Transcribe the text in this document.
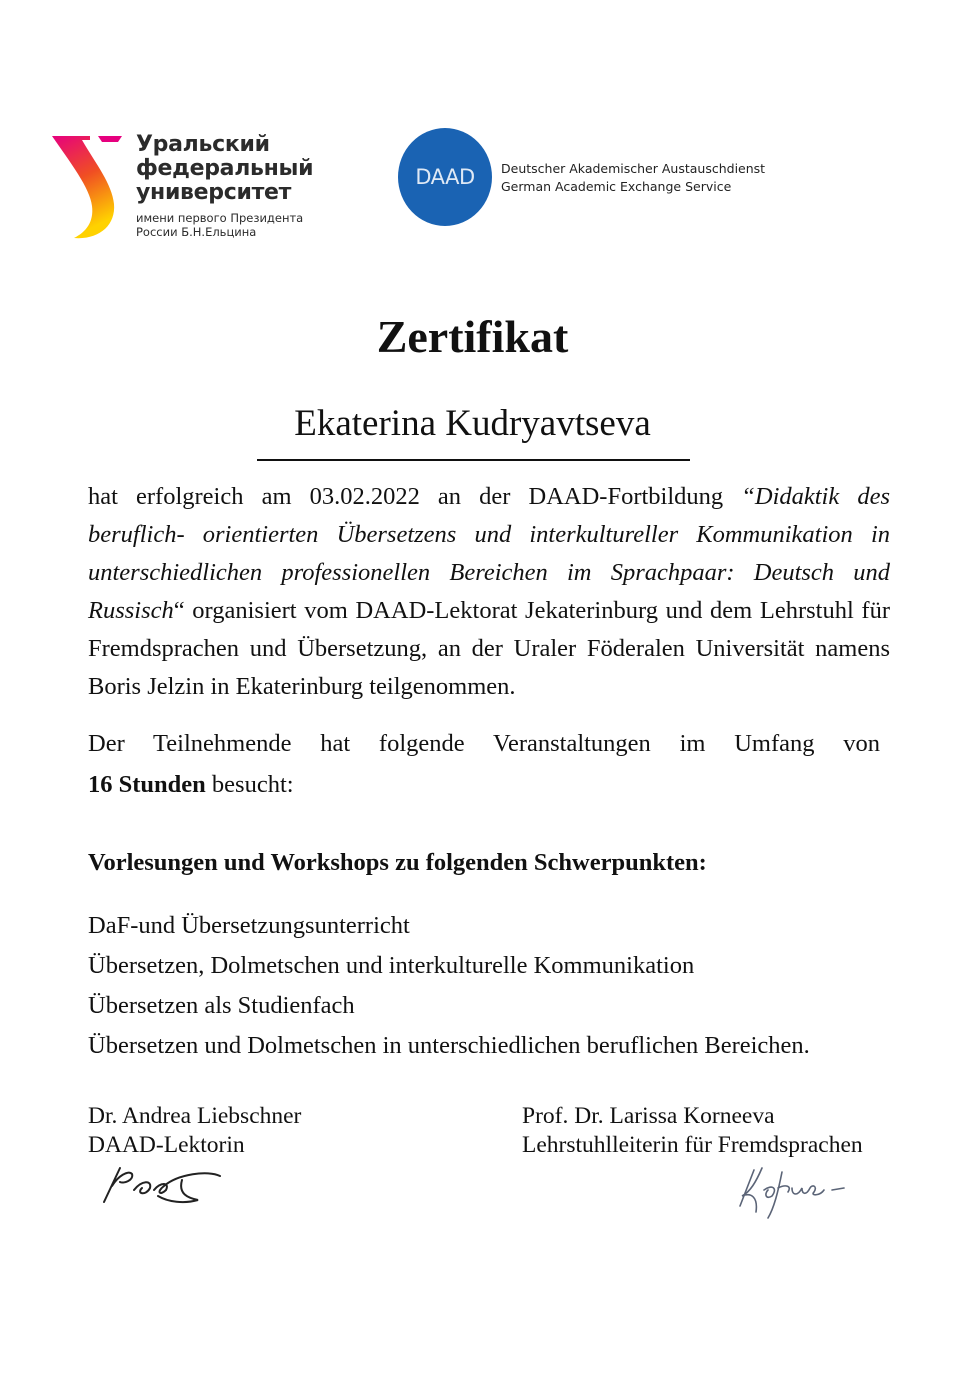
Уральский
федеральный
университет
имени первого Президента
России Б.Н.Ельцина
DAAD Deutscher Akademischer Austauschdienst
German Academic Exchange Service
Zertifikat
Ekaterina Kudryavtseva
hat erfolgreich am 03.02.2022 an der DAAD-Fortbildung “Didaktik des beruflich- orientierten Übersetzens und interkultureller Kommunikation in unterschiedlichen professionellen Bereichen im Sprachpaar: Deutsch und Russisch“ organisiert vom DAAD-Lektorat Jekaterinburg und dem Lehrstuhl für Fremdsprachen und Übersetzung, an der Uraler Föderalen Universität namens Boris Jelzin in Ekaterinburg teilgenommen.
Der Teilnehmende hat folgende Veranstaltungen im Umfang von
16 Stunden besucht:
Vorlesungen und Workshops zu folgenden Schwerpunkten:
DaF-und Übersetzungsunterricht
Übersetzen, Dolmetschen und interkulturelle Kommunikation
Übersetzen als Studienfach
Übersetzen und Dolmetschen in unterschiedlichen beruflichen Bereichen.
Dr. Andrea Liebschner
DAAD-Lektorin
Prof. Dr. Larissa Korneeva
Lehrstuhlleiterin für Fremdsprachen
